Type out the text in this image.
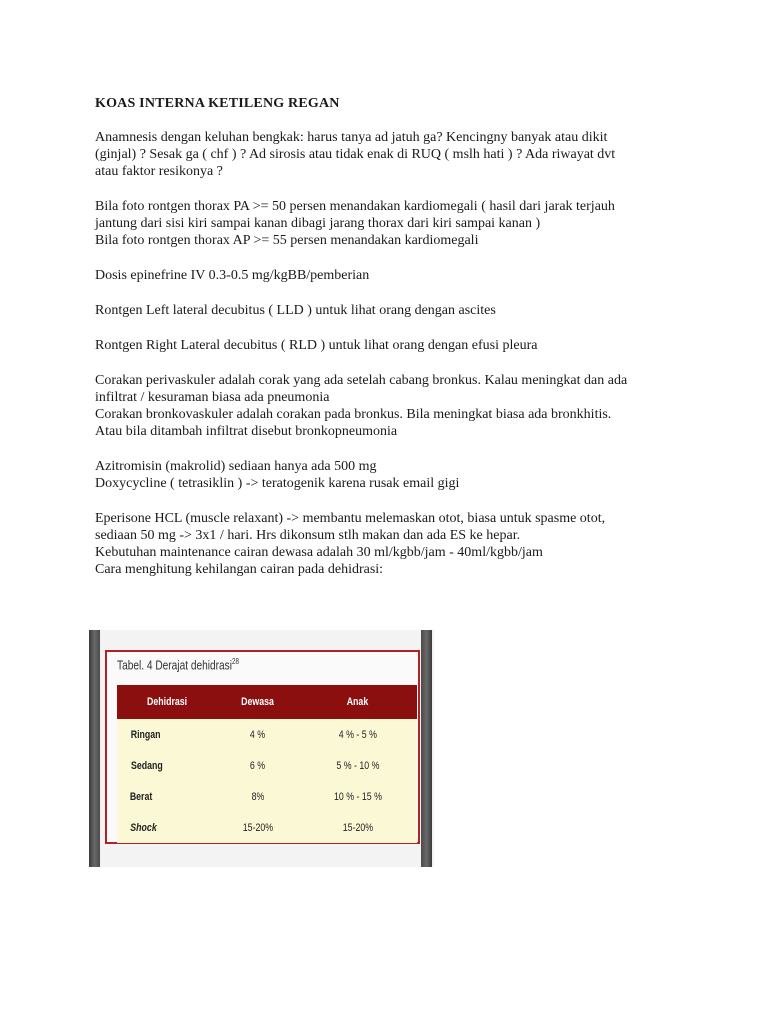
KOAS INTERNA KETILENG REGAN
Anamnesis dengan keluhan bengkak: harus tanya ad jatuh ga? Kencingny banyak atau dikit
(ginjal) ? Sesak ga ( chf ) ? Ad sirosis atau tidak enak di RUQ ( mslh hati ) ? Ada riwayat dvt
atau faktor resikonya ?
Bila foto rontgen thorax PA >= 50 persen menandakan kardiomegali ( hasil dari jarak terjauh
jantung dari sisi kiri sampai kanan dibagi jarang thorax dari kiri sampai kanan )
Bila foto rontgen thorax AP >= 55 persen menandakan kardiomegali
Dosis epinefrine IV 0.3-0.5 mg/kgBB/pemberian
Rontgen Left lateral decubitus ( LLD ) untuk lihat orang dengan ascites
Rontgen Right Lateral decubitus ( RLD ) untuk lihat orang dengan efusi pleura
Corakan perivaskuler adalah corak yang ada setelah cabang bronkus. Kalau meningkat dan ada
infiltrat / kesuraman biasa ada pneumonia
Corakan bronkovaskuler adalah corakan pada bronkus. Bila meningkat biasa ada bronkhitis.
Atau bila ditambah infiltrat disebut bronkopneumonia
Azitromisin (makrolid) sediaan hanya ada 500 mg
Doxycycline ( tetrasiklin ) -> teratogenik karena rusak email gigi
Eperisone HCL (muscle relaxant) -> membantu melemaskan otot, biasa untuk spasme otot,
sediaan 50 mg -> 3x1 / hari. Hrs dikonsum stlh makan dan ada ES ke hepar.
Kebutuhan maintenance cairan dewasa adalah 30 ml/kgbb/jam - 40ml/kgbb/jam
Cara menghitung kehilangan cairan pada dehidrasi:
Tabel. 4 Derajat dehidrasi$^{28}$
Dehidrasi	Dewasa	Anak
Ringan	4 %	4 % - 5 %
Sedang	6 %	5 % - 10 %
Berat	8%	10 % - 15 %
Shock	15-20%	15-20%
